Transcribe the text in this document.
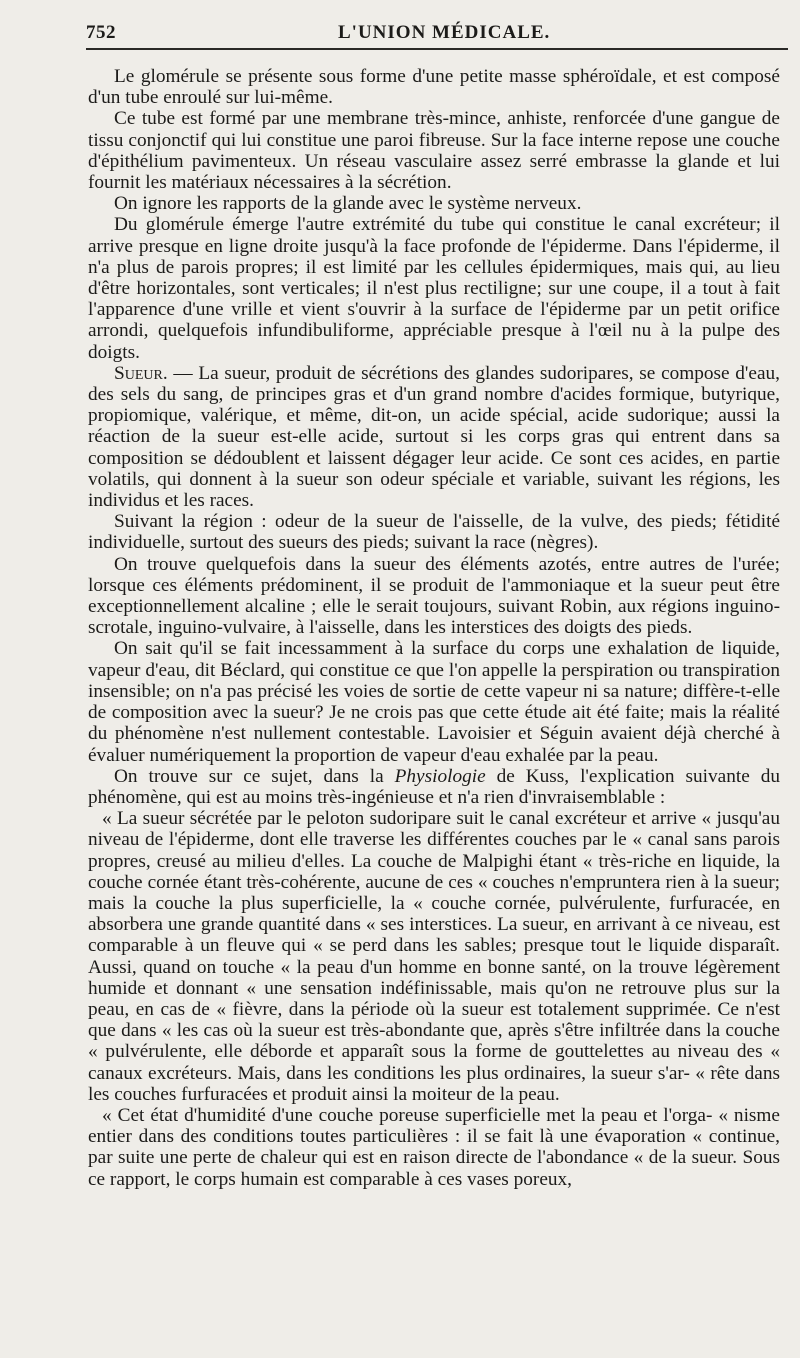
752	L'UNION MÉDICALE.

Le glomérule se présente sous forme d'une petite masse sphéroïdale, et est composé d'un tube enroulé sur lui-même.

Ce tube est formé par une membrane très-mince, anhiste, renforcée d'une gangue de tissu conjonctif qui lui constitue une paroi fibreuse. Sur la face interne repose une couche d'épithélium pavimenteux. Un réseau vasculaire assez serré embrasse la glande et lui fournit les matériaux nécessaires à la sécrétion.

On ignore les rapports de la glande avec le système nerveux.

Du glomérule émerge l'autre extrémité du tube qui constitue le canal excréteur; il arrive presque en ligne droite jusqu'à la face profonde de l'épiderme. Dans l'épiderme, il n'a plus de parois propres; il est limité par les cellules épidermiques, mais qui, au lieu d'être horizontales, sont verticales; il n'est plus rectiligne; sur une coupe, il a tout à fait l'apparence d'une vrille et vient s'ouvrir à la surface de l'épiderme par un petit orifice arrondi, quelquefois infundibuliforme, appréciable presque à l'œil nu à la pulpe des doigts.

Sueur. — La sueur, produit de sécrétions des glandes sudoripares, se compose d'eau, des sels du sang, de principes gras et d'un grand nombre d'acides formique, butyrique, propiomique, valérique, et même, dit-on, un acide spécial, acide sudorique; aussi la réaction de la sueur est-elle acide, surtout si les corps gras qui entrent dans sa composition se dédoublent et laissent dégager leur acide. Ce sont ces acides, en partie volatils, qui donnent à la sueur son odeur spéciale et variable, suivant les régions, les individus et les races.

Suivant la région : odeur de la sueur de l'aisselle, de la vulve, des pieds; fétidité individuelle, surtout des sueurs des pieds; suivant la race (nègres).

On trouve quelquefois dans la sueur des éléments azotés, entre autres de l'urée; lorsque ces éléments prédominent, il se produit de l'ammoniaque et la sueur peut être exceptionnellement alcaline ; elle le serait toujours, suivant Robin, aux régions inguino-scrotale, inguino-vulvaire, à l'aisselle, dans les interstices des doigts des pieds.

On sait qu'il se fait incessamment à la surface du corps une exhalation de liquide, vapeur d'eau, dit Béclard, qui constitue ce que l'on appelle la perspiration ou transpiration insensible; on n'a pas précisé les voies de sortie de cette vapeur ni sa nature; diffère-t-elle de composition avec la sueur? Je ne crois pas que cette étude ait été faite; mais la réalité du phénomène n'est nullement contestable. Lavoisier et Séguin avaient déjà cherché à évaluer numériquement la proportion de vapeur d'eau exhalée par la peau.

On trouve sur ce sujet, dans la Physiologie de Kuss, l'explication suivante du phénomène, qui est au moins très-ingénieuse et n'a rien d'invraisemblable :

« La sueur sécrétée par le peloton sudoripare suit le canal excréteur et arrive « jusqu'au niveau de l'épiderme, dont elle traverse les différentes couches par le « canal sans parois propres, creusé au milieu d'elles. La couche de Malpighi étant « très-riche en liquide, la couche cornée étant très-cohérente, aucune de ces « couches n'empruntera rien à la sueur; mais la couche la plus superficielle, la « couche cornée, pulvérulente, furfuracée, en absorbera une grande quantité dans « ses interstices. La sueur, en arrivant à ce niveau, est comparable à un fleuve qui « se perd dans les sables; presque tout le liquide disparaît. Aussi, quand on touche « la peau d'un homme en bonne santé, on la trouve légèrement humide et donnant « une sensation indéfinissable, mais qu'on ne retrouve plus sur la peau, en cas de « fièvre, dans la période où la sueur est totalement supprimée. Ce n'est que dans « les cas où la sueur est très-abondante que, après s'être infiltrée dans la couche « pulvérulente, elle déborde et apparaît sous la forme de gouttelettes au niveau des « canaux excréteurs. Mais, dans les conditions les plus ordinaires, la sueur s'ar- « rête dans les couches furfuracées et produit ainsi la moiteur de la peau.

« Cet état d'humidité d'une couche poreuse superficielle met la peau et l'orga- « nisme entier dans des conditions toutes particulières : il se fait là une évaporation « continue, par suite une perte de chaleur qui est en raison directe de l'abondance « de la sueur. Sous ce rapport, le corps humain est comparable à ces vases poreux,
